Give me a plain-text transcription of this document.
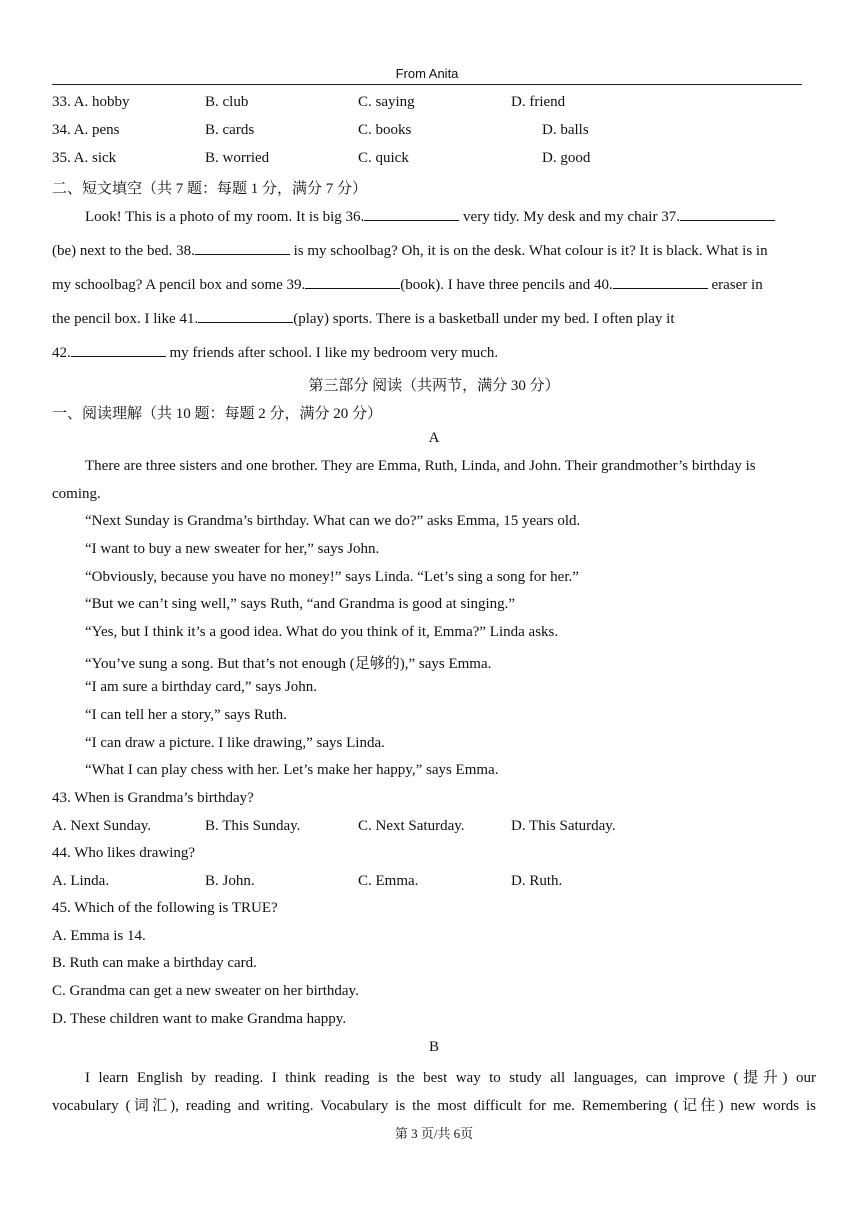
From Anita
33. A. hobby	B. club	C. saying	D. friend
34. A. pens	B. cards	C. books	D. balls
35. A. sick	B. worried	C. quick	D. good
二、短文填空（共 7 题：每题 1 分，满分 7 分）
Look! This is a photo of my room. It is big 36.	very tidy. My desk and my chair 37.
(be) next to the bed. 38.	is my schoolbag? Oh, it is on the desk. What colour is it? It is black. What is in
my schoolbag? A pencil box and some 39.	(book). I have three pencils and 40.	eraser in
the pencil box. I like 41.	(play) sports. There is a basketball under my bed. I often play it
42.	my friends after school. I like my bedroom very much.
第三部分 阅读（共两节，满分 30 分）
一、阅读理解（共 10 题：每题 2 分，满分 20 分）
A
There are three sisters and one brother. They are Emma, Ruth, Linda, and John. Their grandmother’s birthday is
coming.
“Next Sunday is Grandma’s birthday. What can we do?” asks Emma, 15 years old.
“I want to buy a new sweater for her,” says John.
“Obviously, because you have no money!” says Linda. “Let’s sing a song for her.”
“But we can’t sing well,” says Ruth, “and Grandma is good at singing.”
“Yes, but I think it’s a good idea. What do you think of it, Emma?” Linda asks.
“You’ve sung a song. But that’s not enough (足够的),” says Emma.
“I am sure a birthday card,” says John.
“I can tell her a story,” says Ruth.
“I can draw a picture. I like drawing,” says Linda.
“What I can play chess with her. Let’s make her happy,” says Emma.
43. When is Grandma’s birthday?
A. Next Sunday.	B. This Sunday.	C. Next Saturday.	D. This Saturday.
44. Who likes drawing?
A. Linda.	B. John.	C. Emma.	D. Ruth.
45. Which of the following is TRUE?
A. Emma is 14.
B. Ruth can make a birthday card.
C. Grandma can get a new sweater on her birthday.
D. These children want to make Grandma happy.
B
I learn English by reading. I think reading is the best way to study all languages, can improve (提升) our
vocabulary (词汇), reading and writing. Vocabulary is the most difficult for me. Remembering (记住) new words is
第 3 页/共 6页
